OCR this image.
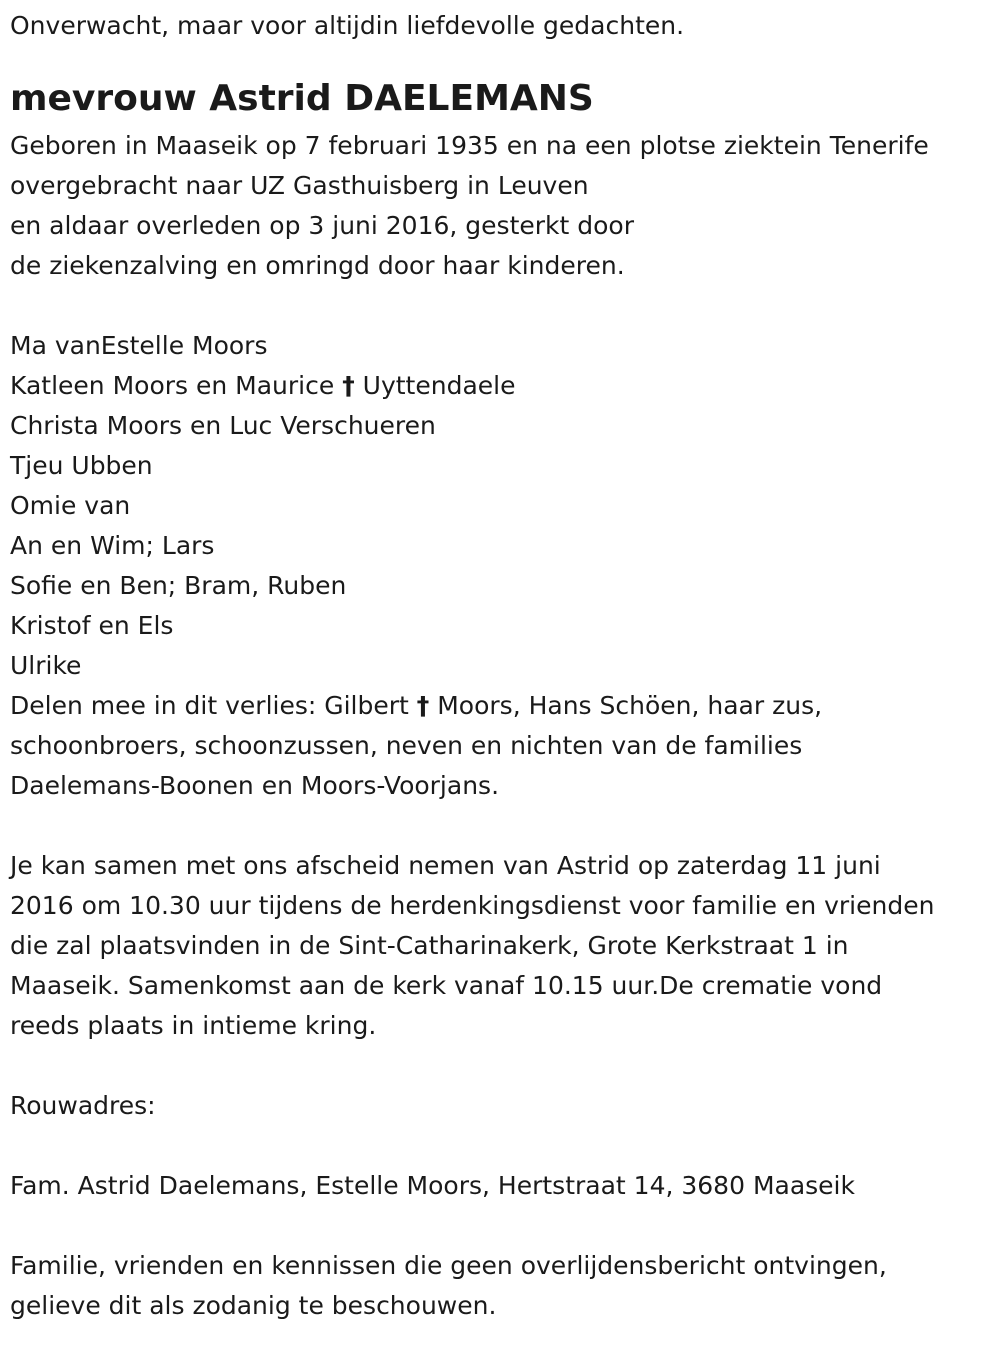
Onverwacht, maar voor altijdin liefdevolle gedachten.
mevrouw Astrid DAELEMANS
Geboren in Maaseik op 7 februari 1935 en na een plotse ziektein Tenerife
overgebracht naar UZ Gasthuisberg in Leuven
en aldaar overleden op 3 juni 2016, gesterkt door
de ziekenzalving en omringd door haar kinderen.
Ma vanEstelle Moors
Katleen Moors en Maurice † Uyttendaele
Christa Moors en Luc Verschueren
Tjeu Ubben
Omie van
An en Wim; Lars
Sofie en Ben; Bram, Ruben
Kristof en Els
Ulrike
Delen mee in dit verlies: Gilbert † Moors, Hans Schöen, haar zus,
schoonbroers, schoonzussen, neven en nichten van de families
Daelemans-Boonen en Moors-Voorjans.
Je kan samen met ons afscheid nemen van Astrid op zaterdag 11 juni
2016 om 10.30 uur tijdens de herdenkingsdienst voor familie en vrienden
die zal plaatsvinden in de Sint-Catharinakerk, Grote Kerkstraat 1 in
Maaseik. Samenkomst aan de kerk vanaf 10.15 uur.De crematie vond
reeds plaats in intieme kring.
Rouwadres:
Fam. Astrid Daelemans, Estelle Moors, Hertstraat 14, 3680 Maaseik
Familie, vrienden en kennissen die geen overlijdensbericht ontvingen,
gelieve dit als zodanig te beschouwen.
